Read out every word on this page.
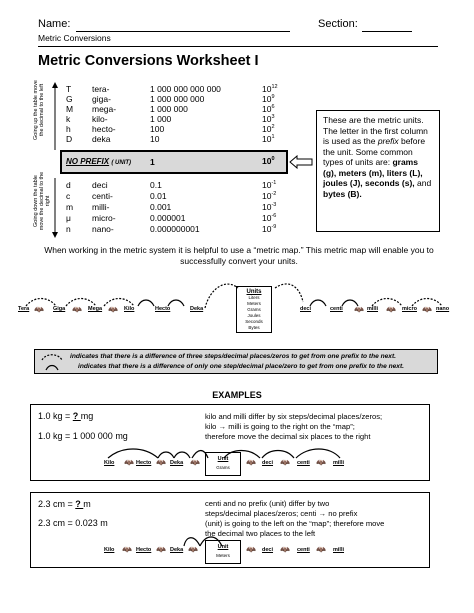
Name:	Section:
Metric Conversions
Metric Conversions Worksheet I
Going up the table move the decimal to the left
Going down the table move the decimal to the right
T tera-	1 000 000 000 000	$10^{12}$
G giga-	1 000 000 000	$10^9$
M mega-	1 000 000	$10^6$
k	kilo-	1 000	$10^3$
h	hecto-	100	$10^2$
D deka	10	$10^1$
NO PREFIX ( UNIT) 1	$10^0$
d	deci	0.1	$10^{-1}$
c	centi-	0.01	$10^{-2}$
m milli-	0.001	$10^{-3}$
μ micro-	0.000001	$10^{-6}$
n	nano-	0.000000001	$10^{-9}$
These are the metric units. The letter in the first column is used as the prefix before the unit. Some common types of units are: grams (g), meters (m), liters (L), joules (J), seconds (s), and bytes (B).
When working in the metric system it is helpful to use a “metric map.” This metric map will enable you to successfully convert your units.
Tera 🦇 Giga 🦇 Mega 🦇 Kilo	Hecto	Deka
Units
Liters
Meters
Grams
Joules
Seconds
Bytes
deci	centi 🦇 milli 🦇 micro 🦇 nano
indicates that there is a difference of three steps/decimal places/zeros to get from one prefix to the next.
indicates that there is a difference of only one step/decimal place/zero to get from one prefix to the next.
EXAMPLES
1.0 kg = ? mg
1.0 kg = 1 000 000 mg
kilo and milli differ by six steps/decimal places/zeros;
kilo → milli is going to the right on the “map”;
therefore move the decimal six places to the right
Kilo 🦇 Hecto 🦇 Deka 🦇	Unit
Grams
🦇 deci 🦇 centi 🦇 milli
2.3 cm = ? m
2.3 cm = 0.023 m
centi and no prefix (unit) differ by two
steps/decimal places/zeros; centi → no prefix
(unit) is going to the left on the “map”; therefore move
the decimal two places to the left
Kilo 🦇 Hecto 🦇 Deka 🦇	Unit
Meters
🦇 deci 🦇 centi 🦇 milli
